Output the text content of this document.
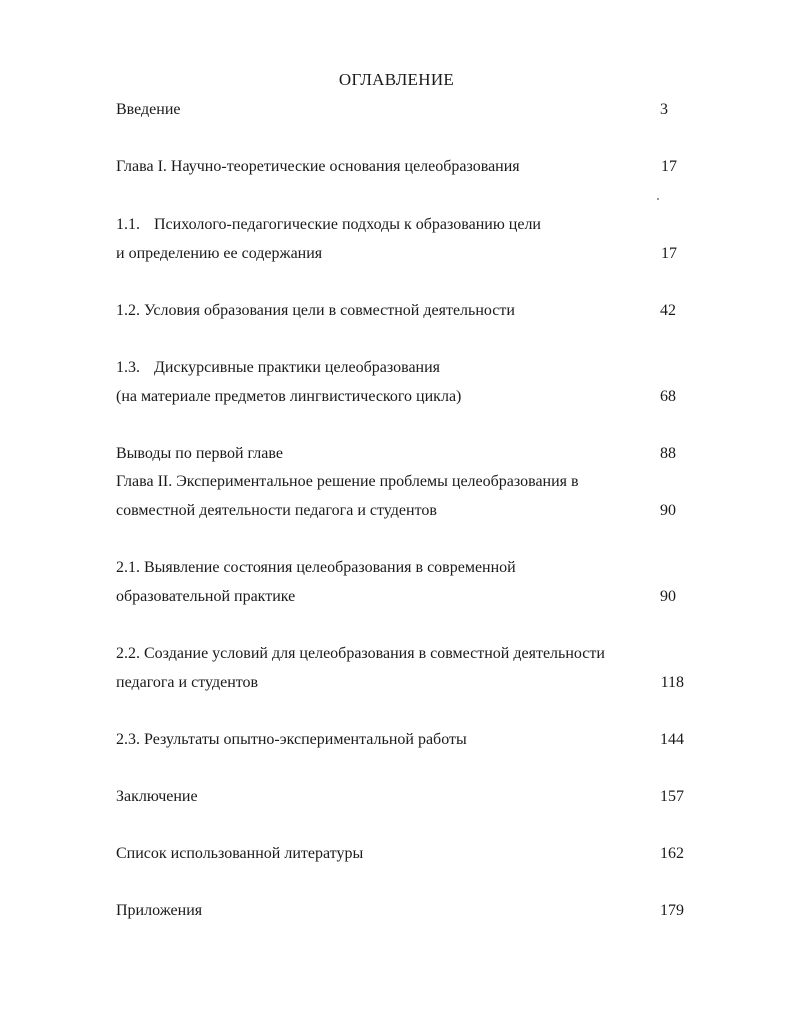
ОГЛАВЛЕНИЕ
Введение	3
Глава I. Научно-теоретические основания целеобразования	17
1.1. Психолого-педагогические подходы к образованию цели
и определению ее содержания	17
1.2. Условия образования цели в совместной деятельности	42
1.3. Дискурсивные практики целеобразования
(на материале предметов лингвистического цикла)	68
Выводы по первой главе	88
Глава II. Экспериментальное решение проблемы целеобразования в
совместной деятельности педагога и студентов	90
2.1. Выявление состояния целеобразования в современной
образовательной практике	90
2.2. Создание условий для целеобразования в совместной деятельности
педагога и студентов	118
2.3. Результаты опытно-экспериментальной работы	144
Заключение	157
Список использованной литературы	162
Приложения	179
